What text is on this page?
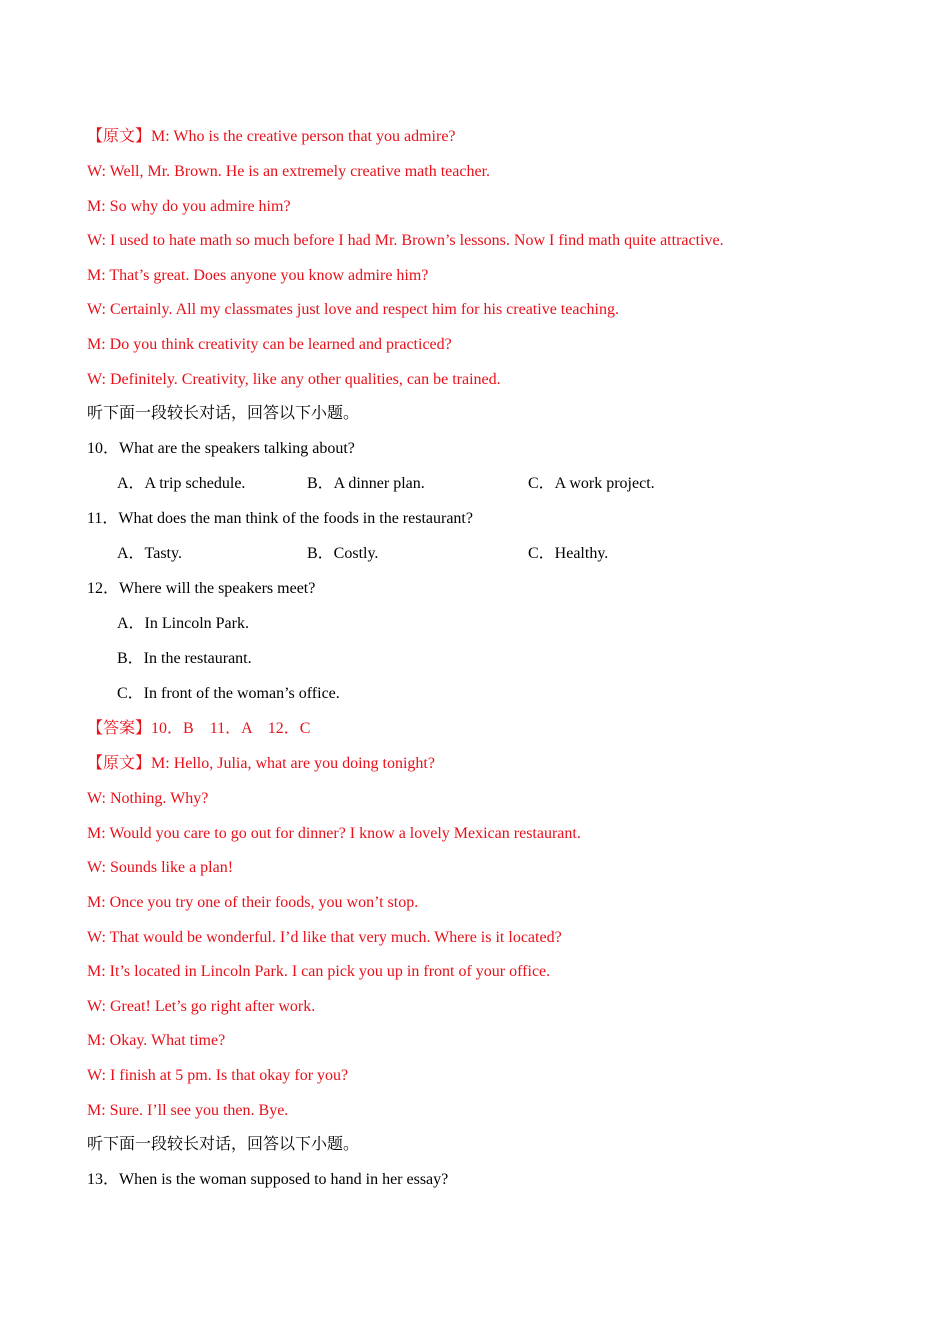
【原文】M: Who is the creative person that you admire?
W: Well, Mr. Brown. He is an extremely creative math teacher.
M: So why do you admire him?
W: I used to hate math so much before I had Mr. Brown’s lessons. Now I find math quite attractive.
M: That’s great. Does anyone you know admire him?
W: Certainly. All my classmates just love and respect him for his creative teaching.
M: Do you think creativity can be learned and practiced?
W: Definitely. Creativity, like any other qualities, can be trained.
听下面一段较长对话，回答以下小题。
10．What are the speakers talking about?
A．A trip schedule.	B．A dinner plan.	C．A work project.
11．What does the man think of the foods in the restaurant?
A．Tasty.	B．Costly.	C．Healthy.
12．Where will the speakers meet?
A．In Lincoln Park.
B．In the restaurant.
C．In front of the woman’s office.
【答案】10．B    11．A    12．C
【原文】M: Hello, Julia, what are you doing tonight?
W: Nothing. Why?
M: Would you care to go out for dinner? I know a lovely Mexican restaurant.
W: Sounds like a plan!
M: Once you try one of their foods, you won’t stop.
W: That would be wonderful. I’d like that very much. Where is it located?
M: It’s located in Lincoln Park. I can pick you up in front of your office.
W: Great! Let’s go right after work.
M: Okay. What time?
W: I finish at 5 pm. Is that okay for you?
M: Sure. I’ll see you then. Bye.
听下面一段较长对话，回答以下小题。
13．When is the woman supposed to hand in her essay?
